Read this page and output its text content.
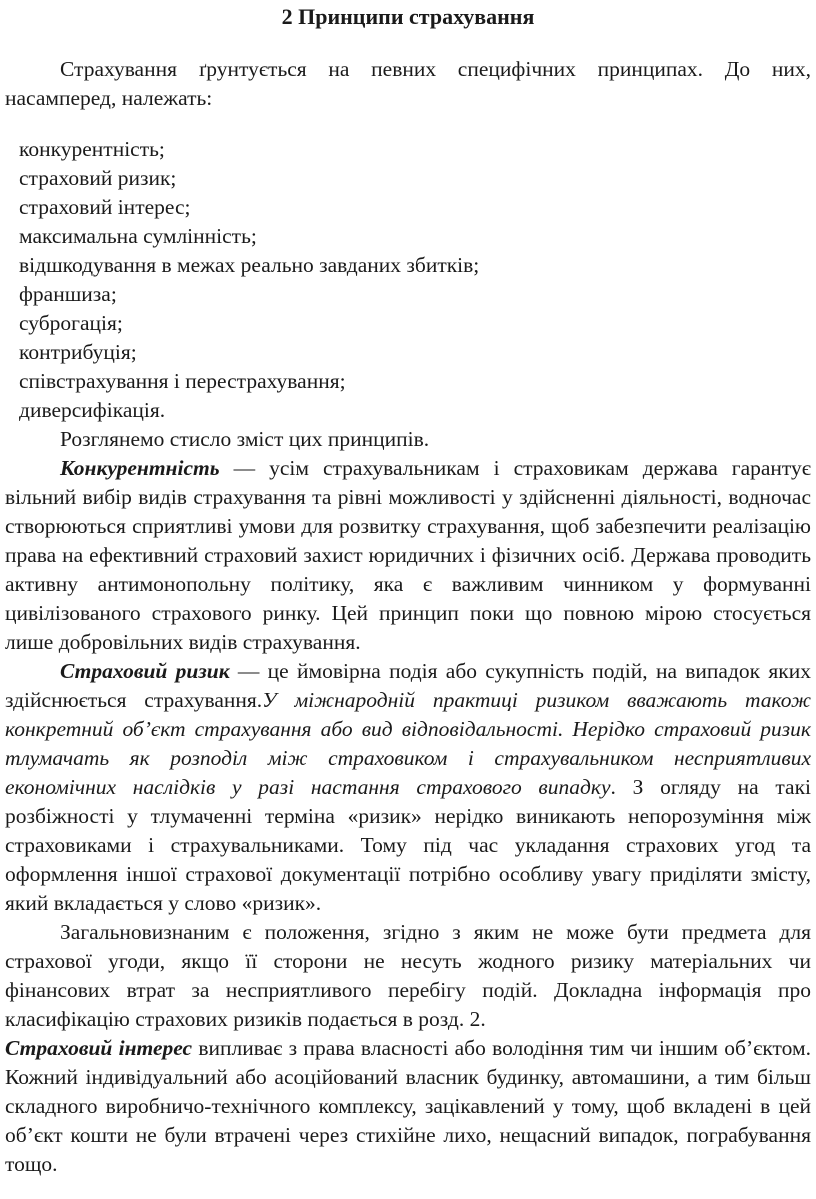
2 Принципи страхування

Страхування ґрунтується на певних специфічних принципах. До них, насамперед, належать:

конкурентність;
страховий ризик;
страховий інтерес;
максимальна сумлінність;
відшкодування в межах реально завданих збитків;
франшиза;
суброгація;
контрибуція;
співстрахування і перестрахування;
диверсифікація.

Розглянемо стисло зміст цих принципів.

Конкурентність — усім страхувальникам і страховикам держава гарантує вільний вибір видів страхування та рівні можливості у здійсненні діяльності, водночас створюються сприятливі умови для розвитку страхування, щоб забезпечити реалізацію права на ефективний страховий захист юридичних і фізичних осіб. Держава проводить активну антимонопольну політику, яка є важливим чинником у формуванні цивілізованого страхового ринку. Цей принцип поки що повною мірою стосується лише добровільних видів страхування.

Страховий ризик — це ймовірна подія або сукупність подій, на випадок яких здійснюється страхування.У міжнародній практиці ризиком вважають також конкретний об’єкт страхування або вид відповідальності. Нерідко страховий ризик тлумачать як розподіл між страховиком і страхувальником несприятливих економічних наслідків у разі настання страхового випадку. З огляду на такі розбіжності у тлумаченні терміна «ризик» нерідко виникають непорозуміння між страховиками і страхувальниками. Тому під час укладання страхових угод та оформлення іншої страхової документації потрібно особливу увагу приділяти змісту, який вкладається у слово «ризик».

Загальновизнаним є положення, згідно з яким не може бути предмета для страхової угоди, якщо її сторони не несуть жодного ризику матеріальних чи фінансових втрат за несприятливого перебігу подій. Докладна інформація про класифікацію страхових ризиків подається в розд. 2.

Страховий інтерес випливає з права власності або володіння тим чи іншим об’єктом. Кожний індивідуальний або асоційований власник будинку, автомашини, а тим більш складного виробничо-технічного комплексу, зацікавлений у тому, щоб вкладені в цей об’єкт кошти не були втрачені через стихійне лихо, нещасний випадок, пограбування тощо.
